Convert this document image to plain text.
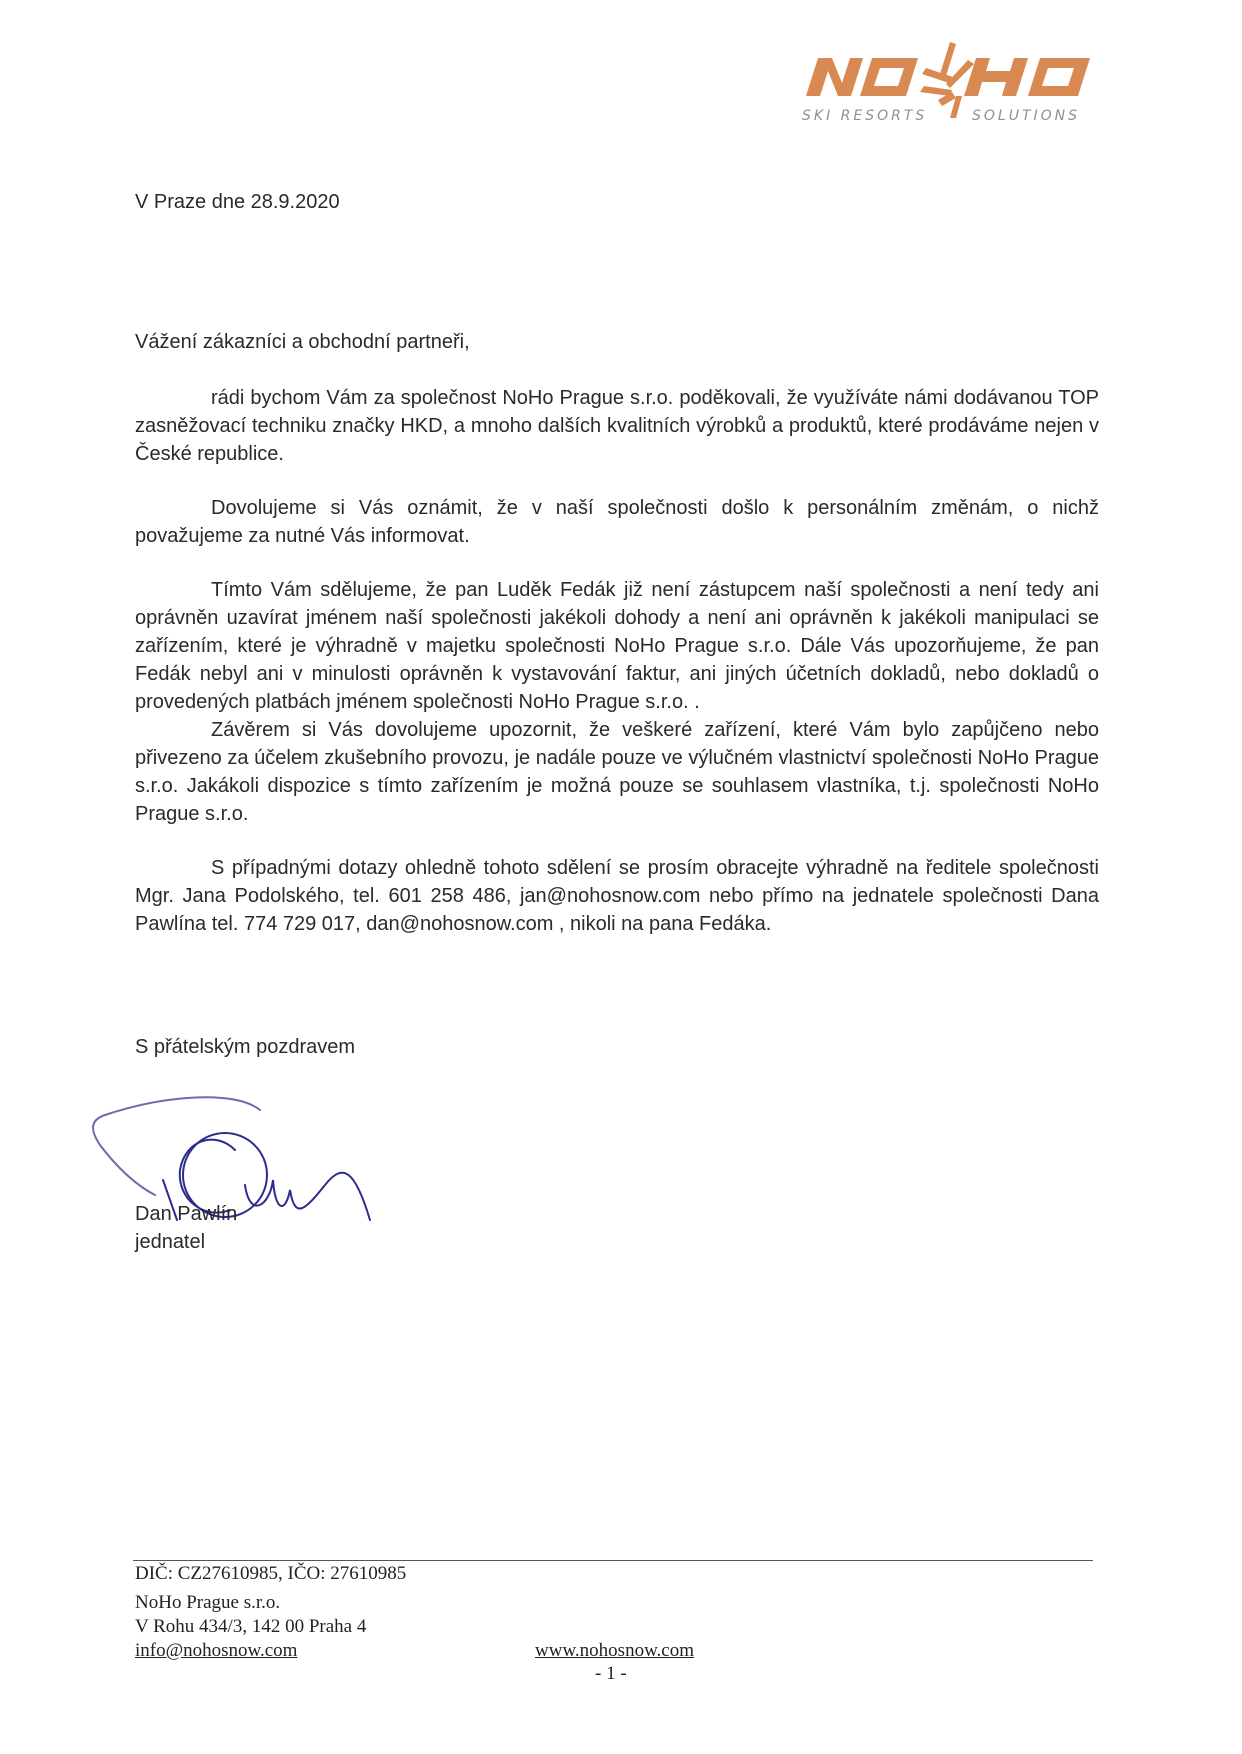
SKI RESORTS	SOLUTIONS
V Praze dne 28.9.2020
Vážení zákazníci a obchodní partneři,

rádi bychom Vám za společnost NoHo Prague s.r.o. poděkovali, že využíváte námi dodávanou TOP zasněžovací techniku značky HKD, a mnoho dalších kvalitních výrobků a produktů, které prodáváme nejen v České republice.

Dovolujeme si Vás oznámit, že v naší společnosti došlo k personálním změnám, o nichž považujeme za nutné Vás informovat.

Tímto Vám sdělujeme, že pan Luděk Fedák již není zástupcem naší společnosti a není tedy ani oprávněn uzavírat jménem naší společnosti jakékoli dohody a není ani oprávněn k jakékoli manipulaci se zařízením, které je výhradně v majetku společnosti NoHo Prague s.r.o. Dále Vás upozorňujeme, že pan Fedák nebyl ani v minulosti oprávněn k vystavování faktur, ani jiných účetních dokladů, nebo dokladů o provedených platbách jménem společnosti NoHo Prague s.r.o. .

Závěrem si Vás dovolujeme upozornit, že veškeré zařízení, které Vám bylo zapůjčeno nebo přivezeno za účelem zkušebního provozu, je nadále pouze ve výlučném vlastnictví společnosti NoHo Prague s.r.o. Jakákoli dispozice s tímto zařízením je možná pouze se souhlasem vlastníka, t.j. společnosti NoHo Prague s.r.o.

S případnými dotazy ohledně tohoto sdělení se prosím obracejte výhradně na ředitele společnosti Mgr. Jana Podolského, tel. 601 258 486, jan@nohosnow.com nebo přímo na jednatele společnosti Dana Pawlína tel. 774 729 017, dan@nohosnow.com , nikoli na pana Fedáka.

S přátelským pozdravem
Dan Pawlín
jednatel
DIČ: CZ27610985, IČO: 27610985
NoHo Prague s.r.o.
V Rohu 434/3, 142 00 Praha 4
info@nohosnow.com	www.nohosnow.com
- 1 -
